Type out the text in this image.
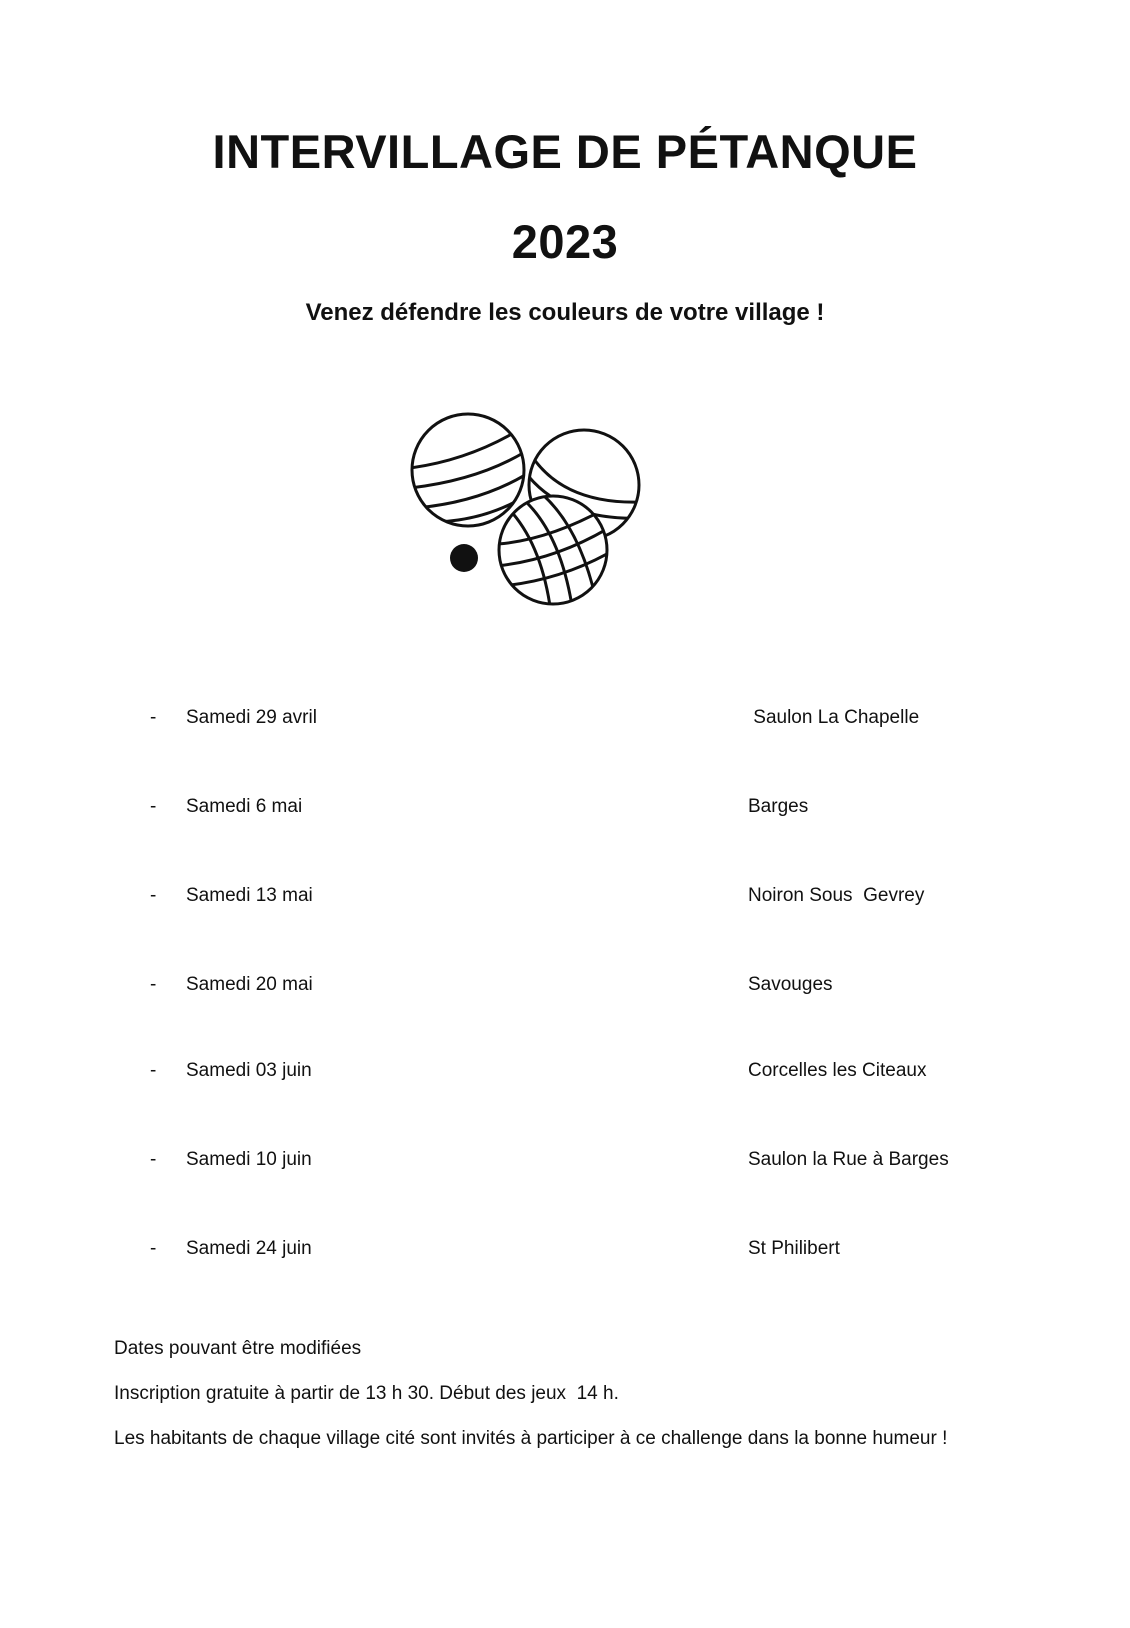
INTERVILLAGE DE PÉTANQUE
2023

Venez défendre les couleurs de votre village !

- Samedi 29 avril	Saulon La Chapelle
- Samedi 6 mai	Barges
- Samedi 13 mai	Noiron Sous  Gevrey
- Samedi 20 mai	Savouges
- Samedi 03 juin	Corcelles les Citeaux
- Samedi 10 juin	Saulon la Rue à Barges
- Samedi 24 juin	St Philibert

Dates pouvant être modifiées

Inscription gratuite à partir de 13 h 30. Début des jeux  14 h.

Les habitants de chaque village cité sont invités à participer à ce challenge dans la bonne humeur !
